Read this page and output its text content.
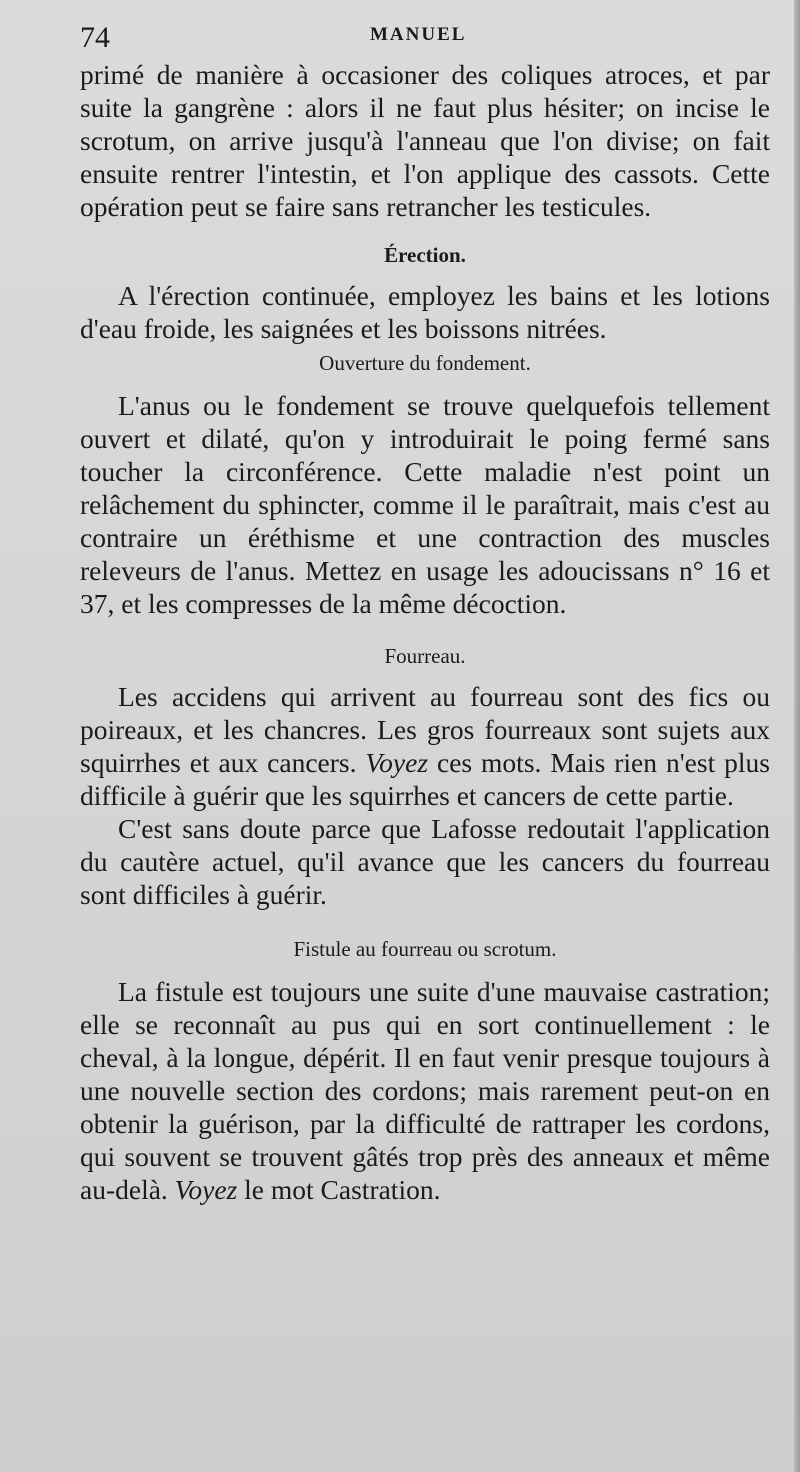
74	MANUEL

primé de manière à occasioner des coliques atroces, et par suite la gangrène : alors il ne faut plus hésiter; on incise le scrotum, on arrive jusqu'à l'anneau que l'on divise; on fait ensuite rentrer l'intestin, et l'on applique des cassots. Cette opération peut se faire sans retrancher les testicules.

Érection.

A l'érection continuée, employez les bains et les lotions d'eau froide, les saignées et les boissons nitrées.

Ouverture du fondement.

L'anus ou le fondement se trouve quelquefois tellement ouvert et dilaté, qu'on y introduirait le poing fermé sans toucher la circonférence. Cette maladie n'est point un relâchement du sphincter, comme il le paraîtrait, mais c'est au contraire un éréthisme et une contraction des muscles releveurs de l'anus. Mettez en usage les adoucissans n° 16 et 37, et les compresses de la même décoction.

Fourreau.

Les accidens qui arrivent au fourreau sont des fics ou poireaux, et les chancres. Les gros fourreaux sont sujets aux squirrhes et aux cancers. Voyez ces mots. Mais rien n'est plus difficile à guérir que les squirrhes et cancers de cette partie.

C'est sans doute parce que Lafosse redoutait l'application du cautère actuel, qu'il avance que les cancers du fourreau sont difficiles à guérir.

Fistule au fourreau ou scrotum.

La fistule est toujours une suite d'une mauvaise castration; elle se reconnaît au pus qui en sort continuellement : le cheval, à la longue, dépérit. Il en faut venir presque toujours à une nouvelle section des cordons; mais rarement peut-on en obtenir la guérison, par la difficulté de rattraper les cordons, qui souvent se trouvent gâtés trop près des anneaux et même au-delà. Voyez le mot Castration.
